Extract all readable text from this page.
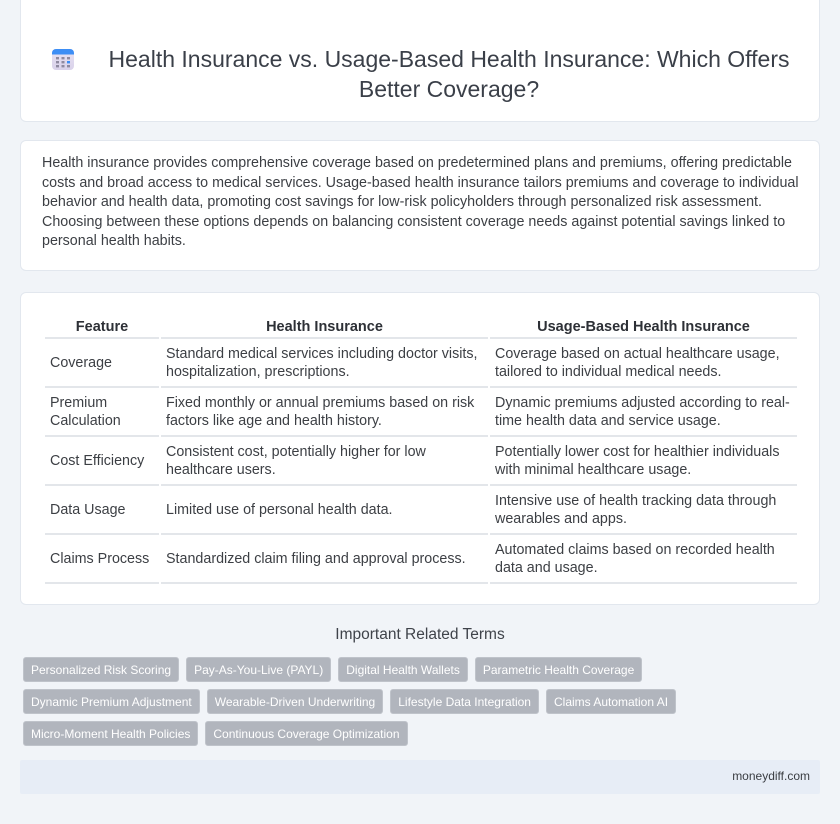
Health Insurance vs. Usage-Based Health Insurance: Which Offers Better Coverage?

Health insurance provides comprehensive coverage based on predetermined plans and premiums, offering predictable costs and broad access to medical services. Usage-based health insurance tailors premiums and coverage to individual behavior and health data, promoting cost savings for low-risk policyholders through personalized risk assessment. Choosing between these options depends on balancing consistent coverage needs against potential savings linked to personal health habits.

Feature	Health Insurance	Usage-Based Health Insurance
Coverage	Standard medical services including doctor visits, hospitalization, prescriptions.	Coverage based on actual healthcare usage, tailored to individual medical needs.
Premium Calculation	Fixed monthly or annual premiums based on risk factors like age and health history.	Dynamic premiums adjusted according to real-time health data and service usage.
Cost Efficiency	Consistent cost, potentially higher for low healthcare users.	Potentially lower cost for healthier individuals with minimal healthcare usage.
Data Usage	Limited use of personal health data.	Intensive use of health tracking data through wearables and apps.
Claims Process	Standardized claim filing and approval process.	Automated claims based on recorded health data and usage.
Important Related Terms
Personalized Risk Scoring	Pay-As-You-Live (PAYL)	Digital Health Wallets	Parametric Health Coverage
Dynamic Premium Adjustment	Wearable-Driven Underwriting	Lifestyle Data Integration	Claims Automation AI
Micro-Moment Health Policies	Continuous Coverage Optimization
moneydiff.com
